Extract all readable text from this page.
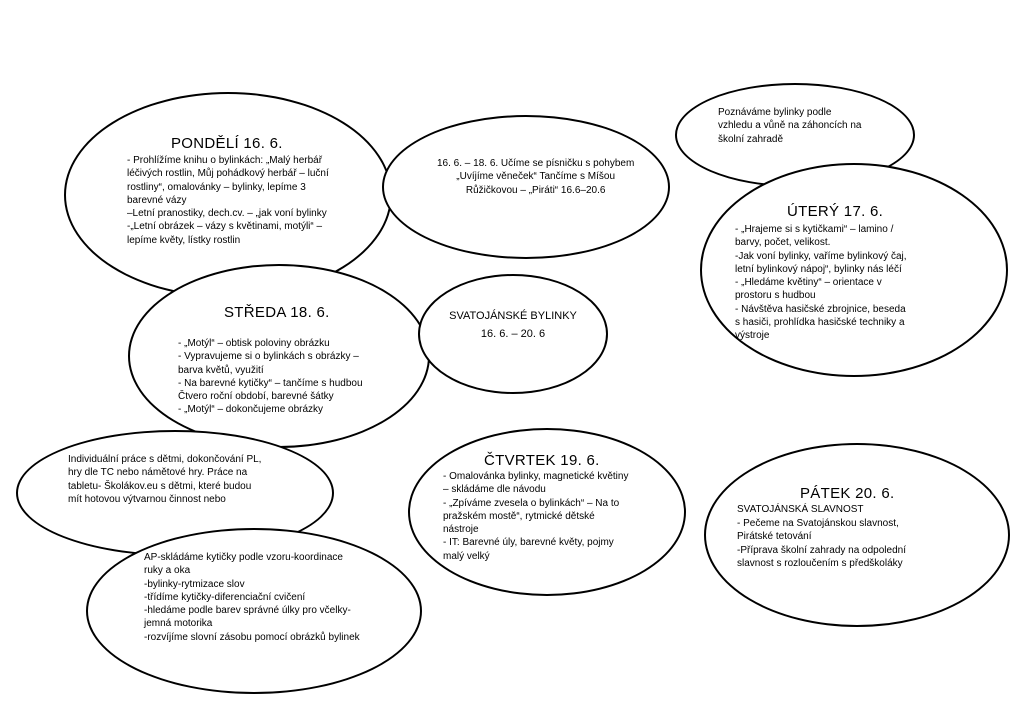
PONDĚLÍ 16. 6.
- Prohlížíme knihu o bylinkách: „Malý herbář
léčivých rostlin, Můj pohádkový herbář – luční
rostliny“, omalovánky – bylinky, lepíme 3
barevné vázy
–Letní pranostiky, dech.cv. – „jak voní bylinky
-„Letní obrázek – vázy s květinami, motýli“ –
lepíme květy, lístky rostlin
16. 6. – 18. 6. Učíme se písničku s pohybem
„Uvíjíme věneček“ Tančíme s Míšou
Růžičkovou – „Piráti“ 16.6–20.6
Poznáváme bylinky podle
vzhledu a vůně na záhoncích na
školní zahradě
ÚTERÝ 17. 6.
- „Hrajeme si s kytičkami“ – lamino /
barvy, počet, velikost.
-Jak voní bylinky, vaříme bylinkový čaj,
letní bylinkový nápoj“, bylinky nás léčí
- „Hledáme květiny“ – orientace v
prostoru s hudbou
- Návštěva hasičské zbrojnice, beseda
s hasiči, prohlídka hasičské techniky a
výstroje
STŘEDA 18. 6.
- „Motýl“ – obtisk poloviny obrázku
- Vypravujeme si o bylinkách s obrázky –
barva květů, využití
- Na barevné kytičky“ – tančíme s hudbou
Čtvero roční období, barevné šátky
- „Motýl“ – dokončujeme obrázky
SVATOJÁNSKÉ BYLINKY
16. 6. – 20. 6
Individuální práce s dětmi, dokončování PL,
hry dle TC nebo námětové hry. Práce na
tabletu- Školákov.eu s dětmi, které budou
mít hotovou výtvarnou činnost nebo
AP-skládáme kytičky podle vzoru-koordinace
ruky a oka
-bylinky-rytmizace slov
-třídíme kytičky-diferenciační cvičení
-hledáme podle barev správné úlky pro včelky-
jemná motorika
-rozvíjíme slovní zásobu pomocí obrázků bylinek
ČTVRTEK 19. 6.
- Omalovánka bylinky, magnetické květiny
– skládáme dle návodu
- „Zpíváme zvesela o bylinkách“ – Na to
pražském mostě“, rytmické dětské
nástroje
- IT: Barevné úly, barevné květy, pojmy
malý velký
PÁTEK 20. 6.
SVATOJÁNSKÁ SLAVNOST
- Pečeme na Svatojánskou slavnost,
Pirátské tetování
-Příprava školní zahrady na odpolední
slavnost s rozloučením s předškoláky
